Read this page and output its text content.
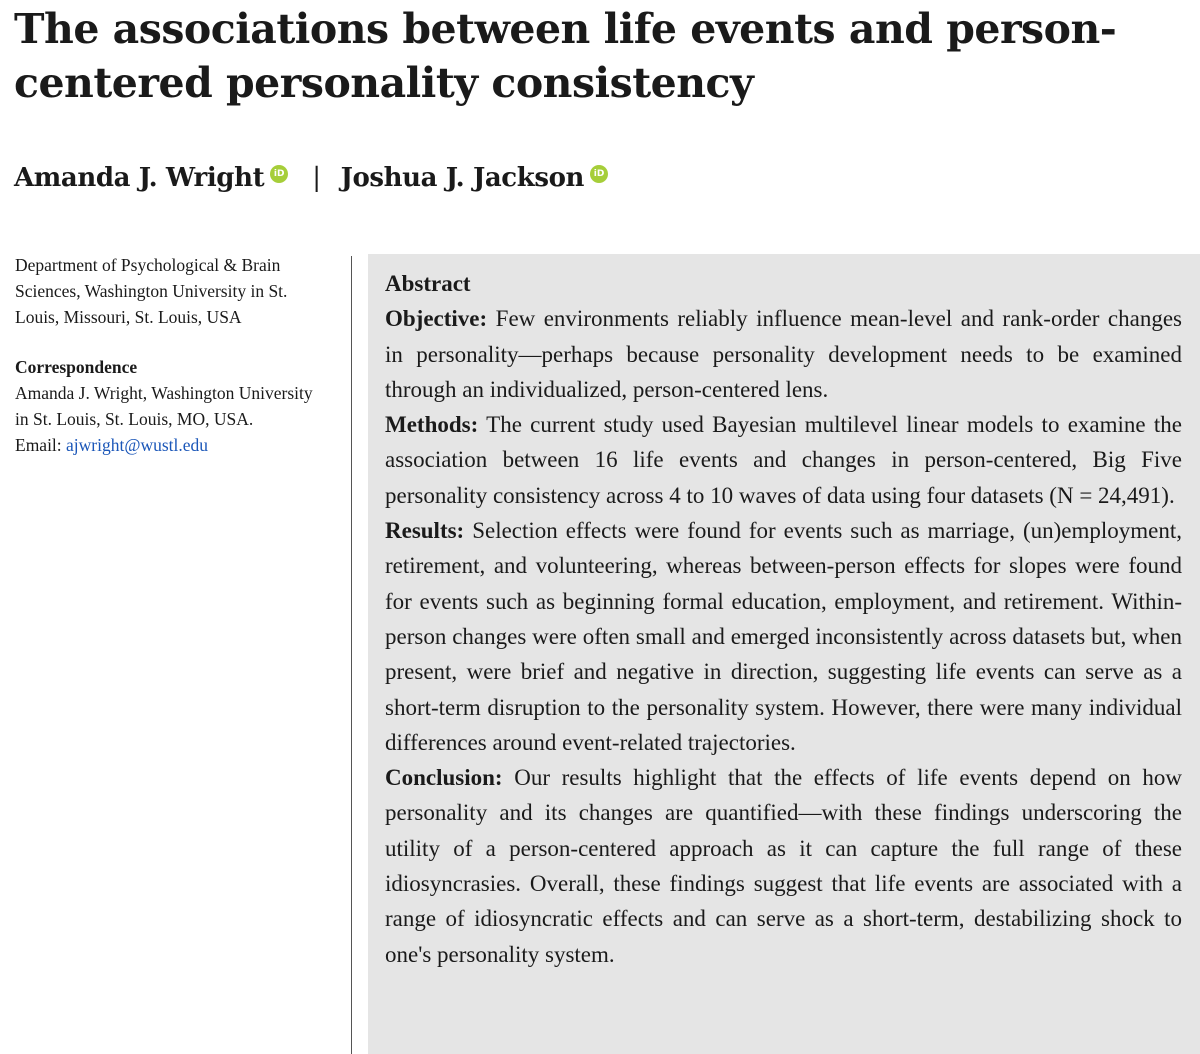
The associations between life events and person-centered personality consistency
Amanda J. Wright	iD | Joshua J. Jackson	iD

Department of Psychological & Brain Sciences, Washington University in St. Louis, Missouri, St. Louis, USA

Correspondence

Amanda J. Wright, Washington University in St. Louis, St. Louis, MO, USA.

Email: ajwright@wustl.edu

Abstract

Objective: Few environments reliably influence mean-level and rank-order changes in personality—perhaps because personality development needs to be examined through an individualized, person-centered lens.

Methods: The current study used Bayesian multilevel linear models to examine the association between 16 life events and changes in person-centered, Big Five personality consistency across 4 to 10 waves of data using four datasets (N = 24,491).

Results: Selection effects were found for events such as marriage, (un)employment, retirement, and volunteering, whereas between-person effects for slopes were found for events such as beginning formal education, employment, and retirement. Within-person changes were often small and emerged inconsistently across datasets but, when present, were brief and negative in direction, suggesting life events can serve as a short-term disruption to the personality system. However, there were many individual differences around event-related trajectories.

Conclusion: Our results highlight that the effects of life events depend on how personality and its changes are quantified—with these findings underscoring the utility of a person-centered approach as it can capture the full range of these idiosyncrasies. Overall, these findings suggest that life events are associated with a range of idiosyncratic effects and can serve as a short-term, destabilizing shock to one's personality system.
